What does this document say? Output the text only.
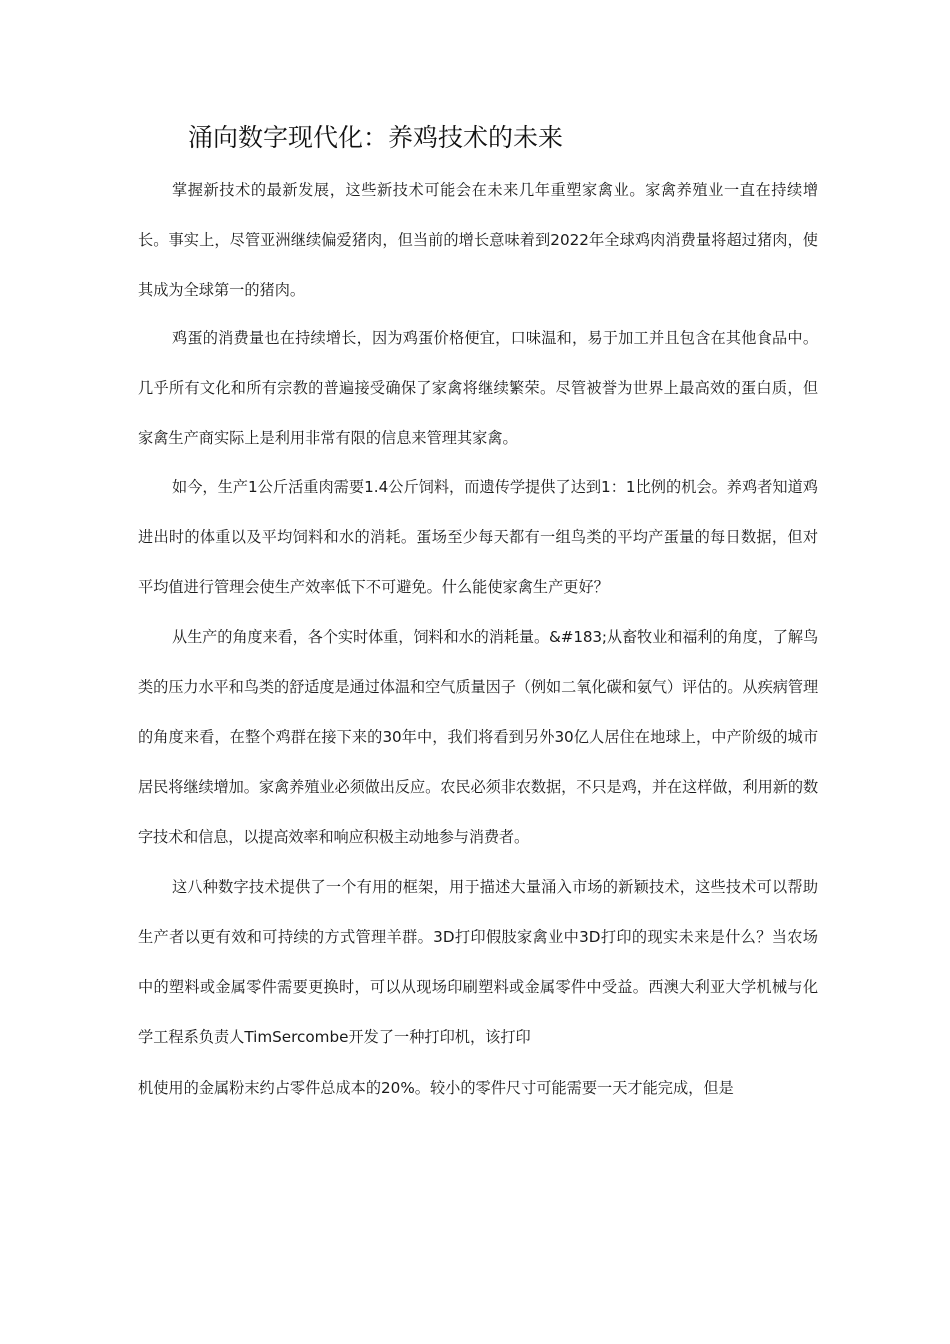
涌向数字现代化：养鸡技术的未来

掌握新技术的最新发展，这些新技术可能会在未来几年重塑家禽业。家禽养殖业一直在持续增长。事实上，尽管亚洲继续偏爱猪肉，但当前的增长意味着到2022年全球鸡肉消费量将超过猪肉，使其成为全球第一的猪肉。

鸡蛋的消费量也在持续增长，因为鸡蛋价格便宜，口味温和，易于加工并且包含在其他食品中。几乎所有文化和所有宗教的普遍接受确保了家禽将继续繁荣。尽管被誉为世界上最高效的蛋白质，但家禽生产商实际上是利用非常有限的信息来管理其家禽。

如今，生产1公斤活重肉需要1.4公斤饲料，而遗传学提供了达到1：1比例的机会。养鸡者知道鸡进出时的体重以及平均饲料和水的消耗。蛋场至少每天都有一组鸟类的平均产蛋量的每日数据，但对平均值进行管理会使生产效率低下不可避免。什么能使家禽生产更好？

从生产的角度来看，各个实时体重，饲料和水的消耗量。&#183;从畜牧业和福利的角度，了解鸟类的压力水平和鸟类的舒适度是通过体温和空气质量因子（例如二氧化碳和氨气）评估的。从疾病管理的角度来看，在整个鸡群在接下来的30年中，我们将看到另外30亿人居住在地球上，中产阶级的城市居民将继续增加。家禽养殖业必须做出反应。农民必须非农数据，不只是鸡，并在这样做，利用新的数字技术和信息，以提高效率和响应积极主动地参与消费者。

这八种数字技术提供了一个有用的框架，用于描述大量涌入市场的新颖技术，这些技术可以帮助生产者以更有效和可持续的方式管理羊群。3D打印假肢家禽业中3D打印的现实未来是什么？当农场中的塑料或金属零件需要更换时，可以从现场印刷塑料或金属零件中受益。西澳大利亚大学机械与化学工程系负责人TimSercombe开发了一种打印机，该打印

机使用的金属粉末约占零件总成本的20%。较小的零件尺寸可能需要一天才能完成，但是
